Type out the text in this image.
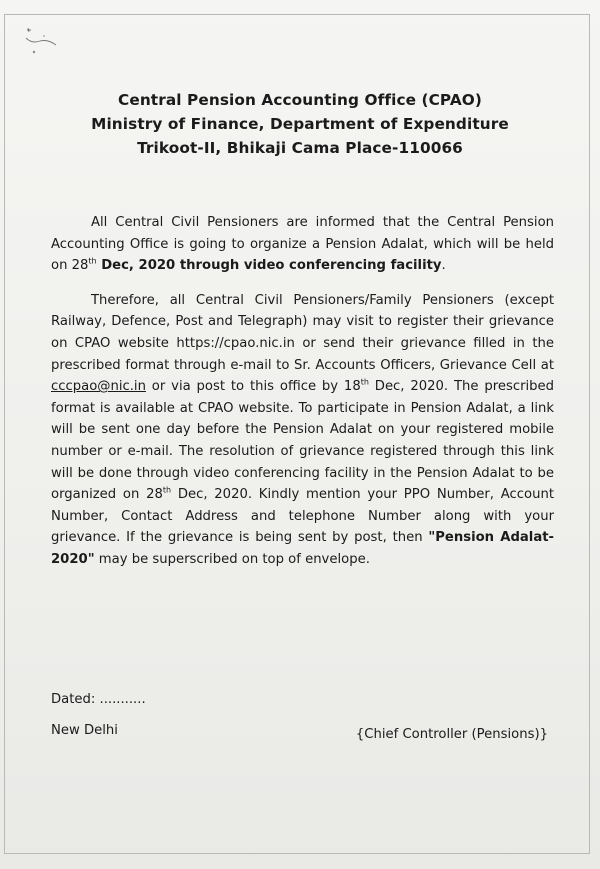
Central Pension Accounting Office (CPAO)
Ministry of Finance, Department of Expenditure
Trikoot-II, Bhikaji Cama Place-110066

All Central Civil Pensioners are informed that the Central Pension Accounting Office is going to organize a Pension Adalat, which will be held on 28th Dec, 2020 through video conferencing facility.

Therefore, all Central Civil Pensioners/Family Pensioners (except Railway, Defence, Post and Telegraph) may visit to register their grievance on CPAO website https://cpao.nic.in or send their grievance filled in the prescribed format through e-mail to Sr. Accounts Officers, Grievance Cell at cccpao@nic.in or via post to this office by 18th Dec, 2020. The prescribed format is available at CPAO website. To participate in Pension Adalat, a link will be sent one day before the Pension Adalat on your registered mobile number or e-mail. The resolution of grievance registered through this link will be done through video conferencing facility in the Pension Adalat to be organized on 28th Dec, 2020. Kindly mention your PPO Number, Account Number, Contact Address and telephone Number along with your grievance. If the grievance is being sent by post, then "Pension Adalat-2020" may be superscribed on top of envelope.

Dated: ...........
New Delhi	{Chief Controller (Pensions)}
